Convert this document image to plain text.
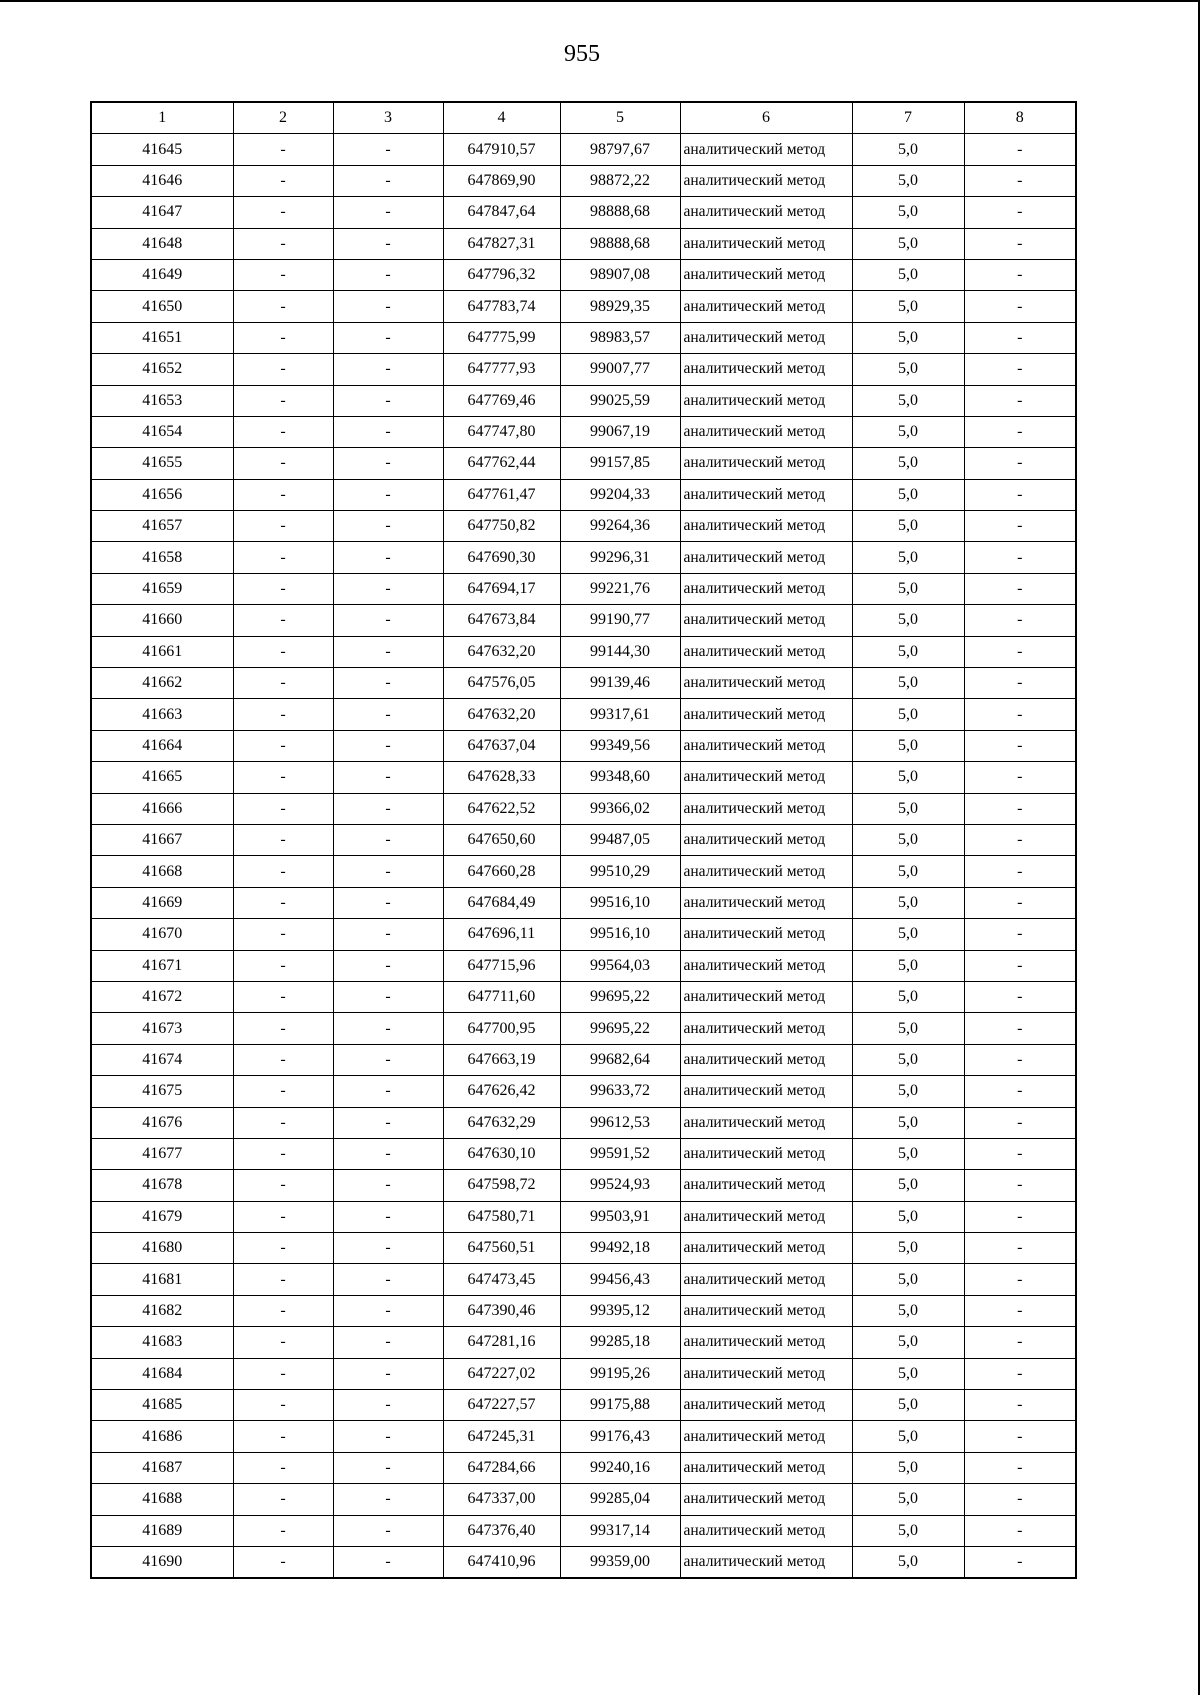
955
1	2	3	4	5	6	7	8
41645	-	-	647910,57	98797,67	аналитический метод	5,0	-
41646	-	-	647869,90	98872,22	аналитический метод	5,0	-
41647	-	-	647847,64	98888,68	аналитический метод	5,0	-
41648	-	-	647827,31	98888,68	аналитический метод	5,0	-
41649	-	-	647796,32	98907,08	аналитический метод	5,0	-
41650	-	-	647783,74	98929,35	аналитический метод	5,0	-
41651	-	-	647775,99	98983,57	аналитический метод	5,0	-
41652	-	-	647777,93	99007,77	аналитический метод	5,0	-
41653	-	-	647769,46	99025,59	аналитический метод	5,0	-
41654	-	-	647747,80	99067,19	аналитический метод	5,0	-
41655	-	-	647762,44	99157,85	аналитический метод	5,0	-
41656	-	-	647761,47	99204,33	аналитический метод	5,0	-
41657	-	-	647750,82	99264,36	аналитический метод	5,0	-
41658	-	-	647690,30	99296,31	аналитический метод	5,0	-
41659	-	-	647694,17	99221,76	аналитический метод	5,0	-
41660	-	-	647673,84	99190,77	аналитический метод	5,0	-
41661	-	-	647632,20	99144,30	аналитический метод	5,0	-
41662	-	-	647576,05	99139,46	аналитический метод	5,0	-
41663	-	-	647632,20	99317,61	аналитический метод	5,0	-
41664	-	-	647637,04	99349,56	аналитический метод	5,0	-
41665	-	-	647628,33	99348,60	аналитический метод	5,0	-
41666	-	-	647622,52	99366,02	аналитический метод	5,0	-
41667	-	-	647650,60	99487,05	аналитический метод	5,0	-
41668	-	-	647660,28	99510,29	аналитический метод	5,0	-
41669	-	-	647684,49	99516,10	аналитический метод	5,0	-
41670	-	-	647696,11	99516,10	аналитический метод	5,0	-
41671	-	-	647715,96	99564,03	аналитический метод	5,0	-
41672	-	-	647711,60	99695,22	аналитический метод	5,0	-
41673	-	-	647700,95	99695,22	аналитический метод	5,0	-
41674	-	-	647663,19	99682,64	аналитический метод	5,0	-
41675	-	-	647626,42	99633,72	аналитический метод	5,0	-
41676	-	-	647632,29	99612,53	аналитический метод	5,0	-
41677	-	-	647630,10	99591,52	аналитический метод	5,0	-
41678	-	-	647598,72	99524,93	аналитический метод	5,0	-
41679	-	-	647580,71	99503,91	аналитический метод	5,0	-
41680	-	-	647560,51	99492,18	аналитический метод	5,0	-
41681	-	-	647473,45	99456,43	аналитический метод	5,0	-
41682	-	-	647390,46	99395,12	аналитический метод	5,0	-
41683	-	-	647281,16	99285,18	аналитический метод	5,0	-
41684	-	-	647227,02	99195,26	аналитический метод	5,0	-
41685	-	-	647227,57	99175,88	аналитический метод	5,0	-
41686	-	-	647245,31	99176,43	аналитический метод	5,0	-
41687	-	-	647284,66	99240,16	аналитический метод	5,0	-
41688	-	-	647337,00	99285,04	аналитический метод	5,0	-
41689	-	-	647376,40	99317,14	аналитический метод	5,0	-
41690	-	-	647410,96	99359,00	аналитический метод	5,0	-
